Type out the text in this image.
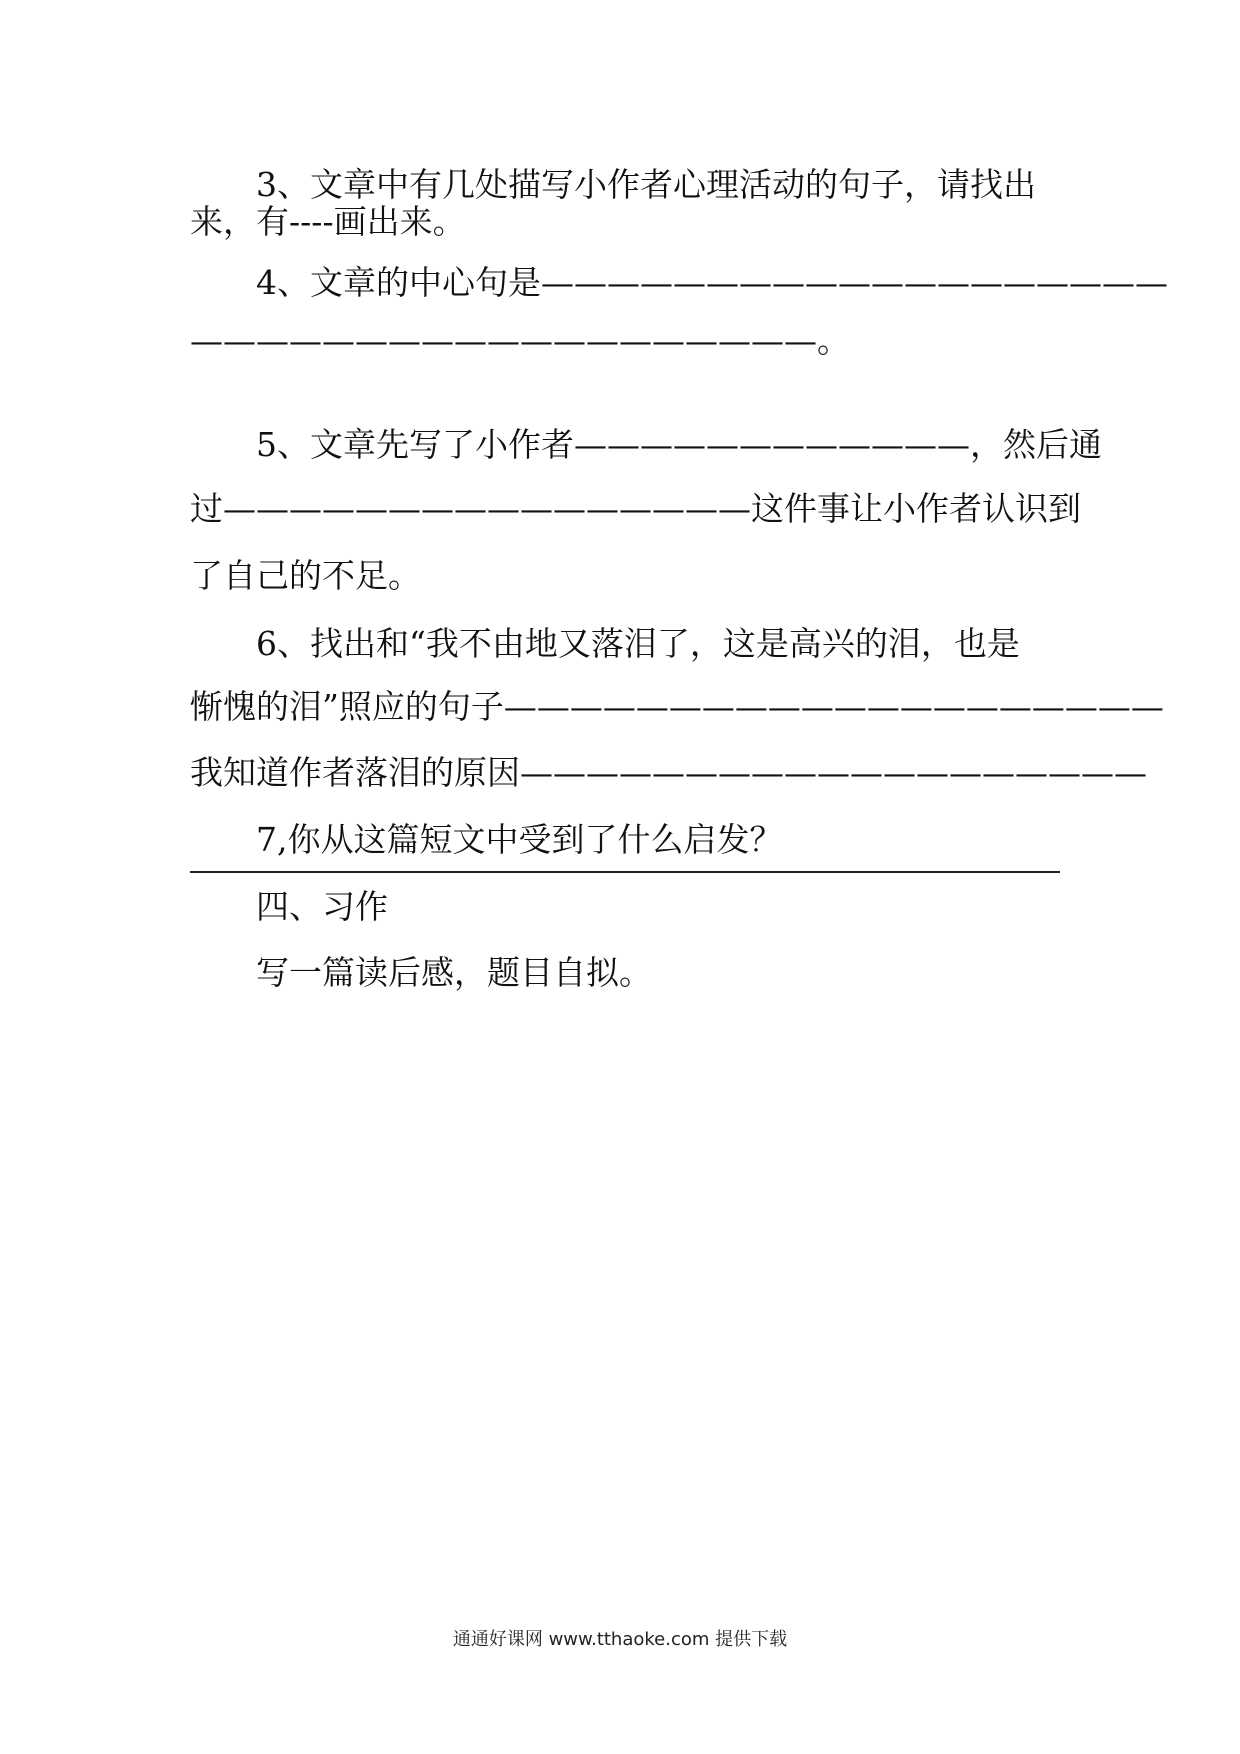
3、文章中有几处描写小作者心理活动的句子，请找出
来，有----画出来。
4、文章的中心句是———————————————————
———————————————————。
5、文章先写了小作者————————————，然后通
过————————————————这件事让小作者认识到
了自己的不足。
6、找出和“我不由地又落泪了，这是高兴的泪，也是
惭愧的泪”照应的句子————————————————————
我知道作者落泪的原因———————————————————
7,你从这篇短文中受到了什么启发？
四、习作
写一篇读后感，题目自拟。
通通好课网 www.tthaoke.com 提供下载
